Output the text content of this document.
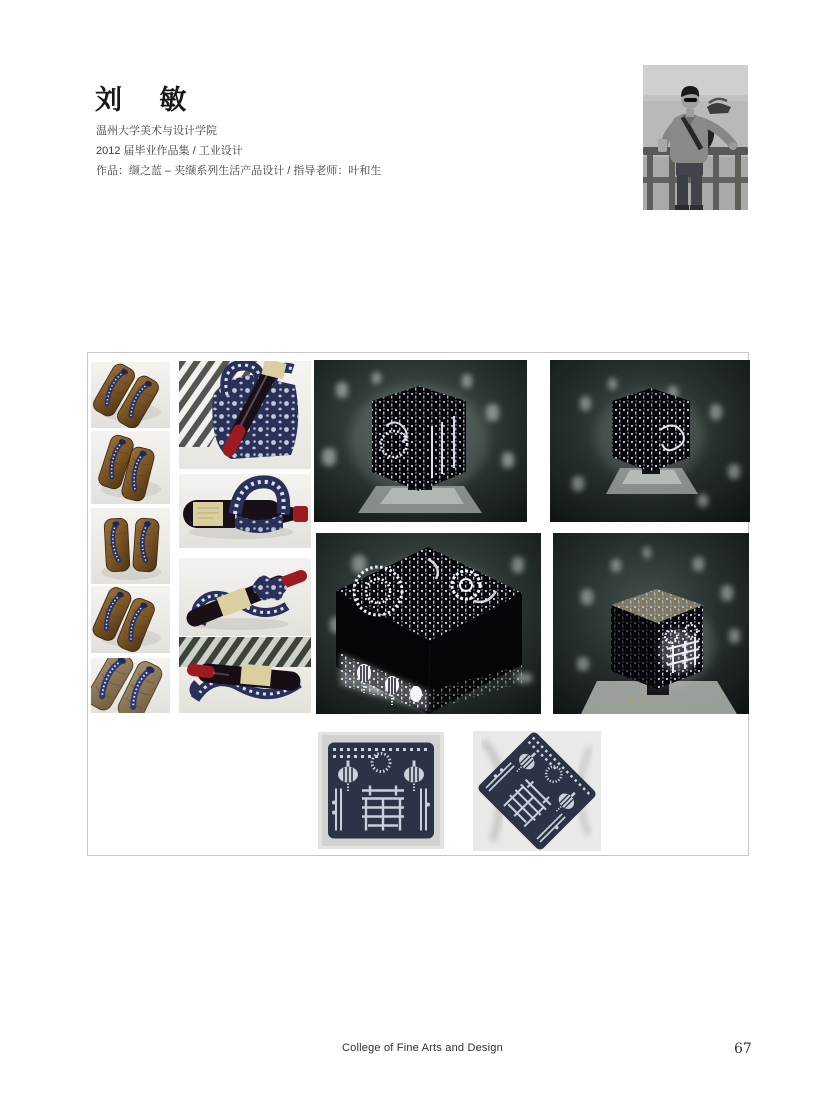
刘 敏

温州大学美术与设计学院

2012 届毕业作品集 / 工业设计

作品：缬之蓝 – 夹缬系列生活产品设计 / 指导老师：叶和生

College of Fine Arts and Design	67
